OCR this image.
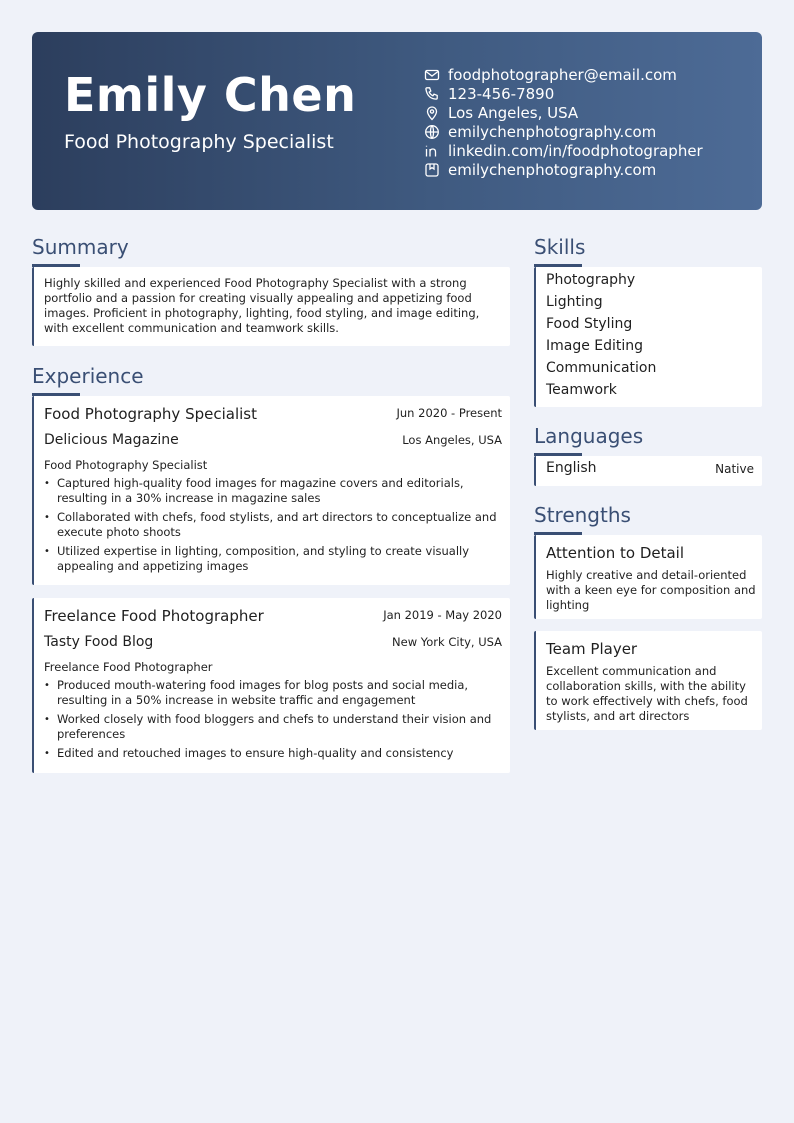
Emily Chen
Food Photography Specialist
foodphotographer@email.com
123-456-7890
Los Angeles, USA
emilychenphotography.com
linkedin.com/in/foodphotographer
emilychenphotography.com
Summary
Highly skilled and experienced Food Photography Specialist with a strong portfolio and a passion for creating visually appealing and appetizing food images. Proficient in photography, lighting, food styling, and image editing, with excellent communication and teamwork skills.
Experience
Food Photography Specialist	Jun 2020 - Present
Delicious Magazine	Los Angeles, USA
Food Photography Specialist
• Captured high-quality food images for magazine covers and editorials, resulting in a 30% increase in magazine sales
• Collaborated with chefs, food stylists, and art directors to conceptualize and execute photo shoots
• Utilized expertise in lighting, composition, and styling to create visually appealing and appetizing images
Freelance Food Photographer	Jan 2019 - May 2020
Tasty Food Blog	New York City, USA
Freelance Food Photographer
• Produced mouth-watering food images for blog posts and social media, resulting in a 50% increase in website traffic and engagement
• Worked closely with food bloggers and chefs to understand their vision and preferences
• Edited and retouched images to ensure high-quality and consistency
Skills
Photography
Lighting
Food Styling
Image Editing
Communication
Teamwork
Languages
English	Native
Strengths
Attention to Detail
Highly creative and detail-oriented with a keen eye for composition and lighting
Team Player
Excellent communication and collaboration skills, with the ability to work effectively with chefs, food stylists, and art directors
